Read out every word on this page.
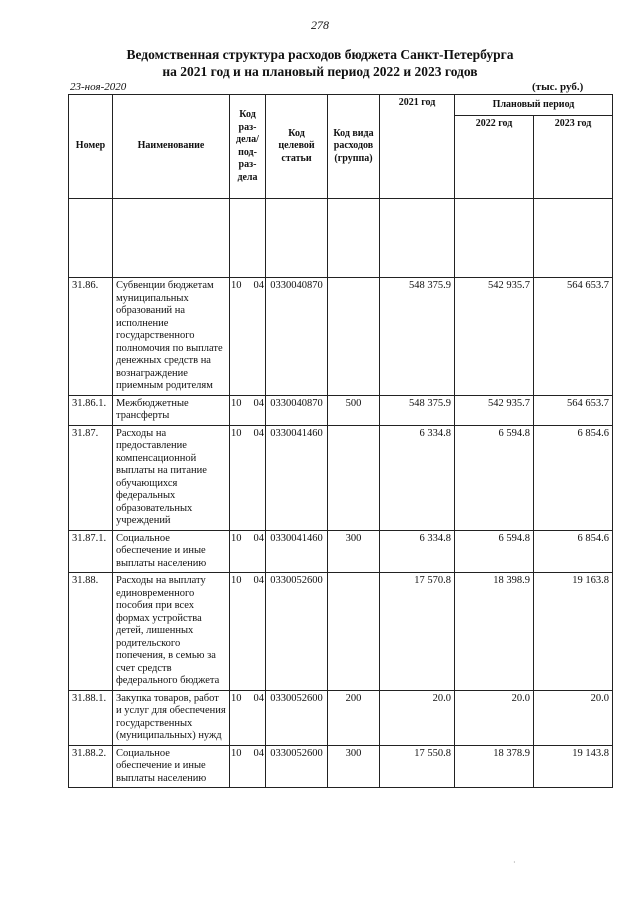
278
Ведомственная структура расходов бюджета Санкт-Петербурга
на 2021 год и на плановый период 2022 и 2023 годов
23-ноя-2020	(тыс. руб.)
Номер	Наименование	Код раз- дела/ под- раз- дела	Код целевой статьи	Код вида расходов (группа)	2021 год	Плановый период	
						2022 год	2023 год

31.86.	Субвенции бюджетам муниципальных образований на исполнение государственного полномочия по выплате денежных средств на вознаграждение приемным родителям	10 04	0330040870		548 375.9	542 935.7	564 653.7
31.86.1.	Межбюджетные трансферты	10 04	0330040870	500	548 375.9	542 935.7	564 653.7
31.87.	Расходы на предоставление компенсационной выплаты на питание обучающихся федеральных образовательных учреждений	10 04	0330041460		6 334.8	6 594.8	6 854.6
31.87.1.	Социальное обеспечение и иные выплаты населению	10 04	0330041460	300	6 334.8	6 594.8	6 854.6
31.88.	Расходы на выплату единовременного пособия при всех формах устройства детей, лишенных родительского попечения, в семью за счет средств федерального бюджета	10 04	0330052600		17 570.8	18 398.9	19 163.8
31.88.1.	Закупка товаров, работ и услуг для обеспечения государственных (муниципальных) нужд	10 04	0330052600	200	20.0	20.0	20.0
31.88.2.	Социальное обеспечение и иные выплаты населению	10 04	0330052600	300	17 550.8	18 378.9	19 143.8
·
